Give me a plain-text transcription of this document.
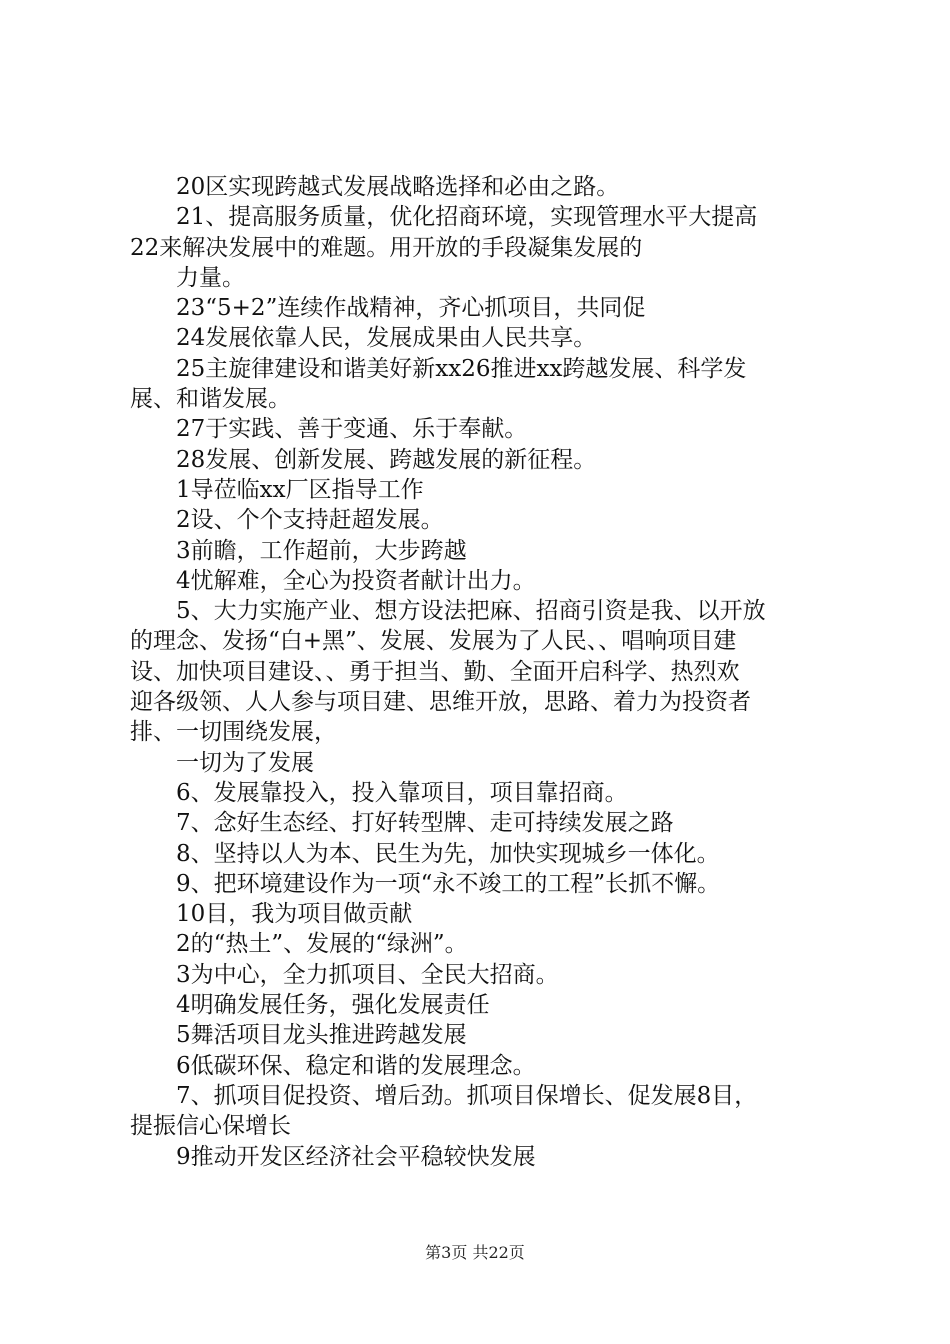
20区实现跨越式发展战略选择和必由之路。
21、提高服务质量，优化招商环境，实现管理水平大提高
22来解决发展中的难题。用开放的手段凝集发展的
力量。
23“5+2”连续作战精神，齐心抓项目，共同促
24发展依靠人民，发展成果由人民共享。
25主旋律建设和谐美好新xx26推进xx跨越发展、科学发
展、和谐发展。
27于实践、善于变通、乐于奉献。
28发展、创新发展、跨越发展的新征程。
1导莅临xx厂区指导工作
2设、个个支持赶超发展。
3前瞻，工作超前，大步跨越
4忧解难，全心为投资者献计出力。
5、大力实施产业、想方设法把麻、招商引资是我、以开放
的理念、发扬“白+黑”、发展、发展为了人民、、唱响项目建
设、加快项目建设、、勇于担当、勤、全面开启科学、热烈欢
迎各级领、人人参与项目建、思维开放，思路、着力为投资者
排、一切围绕发展，
一切为了发展
6、发展靠投入，投入靠项目，项目靠招商。
7、念好生态经、打好转型牌、走可持续发展之路
8、坚持以人为本、民生为先，加快实现城乡一体化。
9、把环境建设作为一项“永不竣工的工程”长抓不懈。
10目，我为项目做贡献
2的“热土”、发展的“绿洲”。
3为中心，全力抓项目、全民大招商。
4明确发展任务，强化发展责任
5舞活项目龙头推进跨越发展
6低碳环保、稳定和谐的发展理念。
7、抓项目促投资、增后劲。抓项目保增长、促发展8目，
提振信心保增长
9推动开发区经济社会平稳较快发展
第3页 共22页
